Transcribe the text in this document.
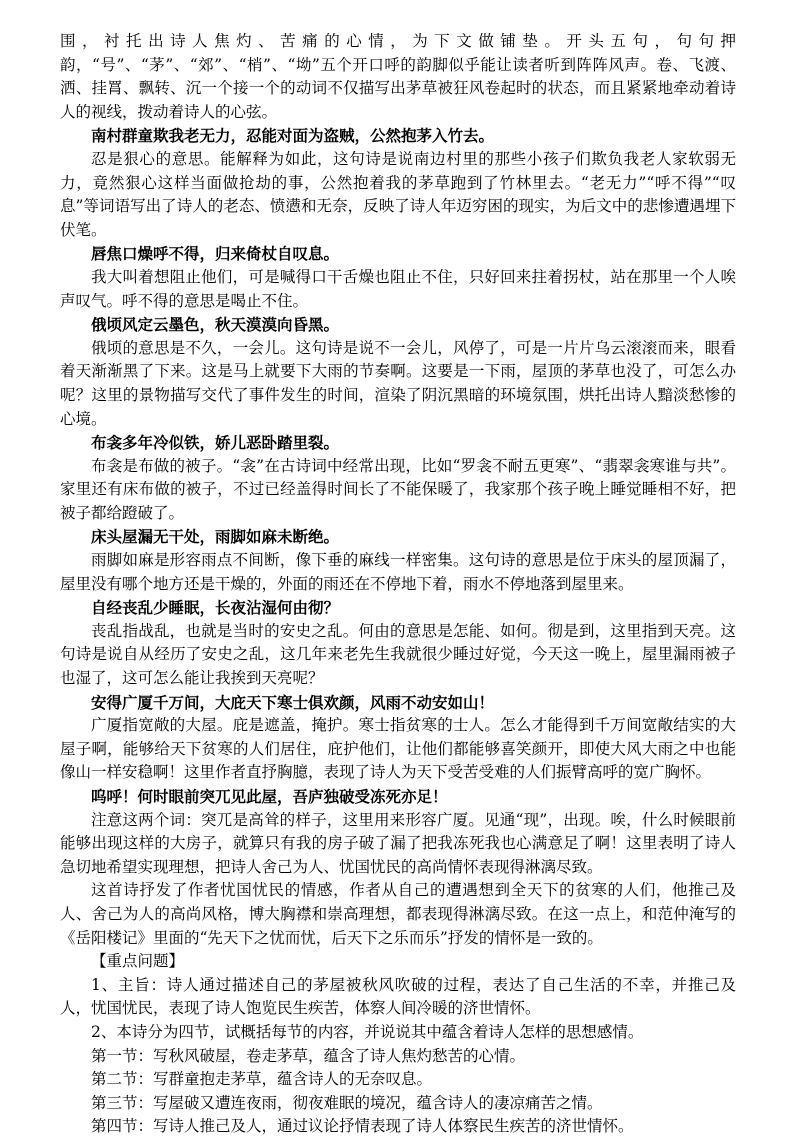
围，衬托出诗人焦灼、苦痛的心情，为下文做铺垫。开头五句，句句押韵，“号”、“茅”、“郊”、“梢”、“坳”五个开口呼的韵脚似乎能让读者听到阵阵风声。卷、飞渡、洒、挂罥、飘转、沉一个接一个的动词不仅描写出茅草被狂风卷起时的状态，而且紧紧地牵动着诗人的视线，拨动着诗人的心弦。

南村群童欺我老无力，忍能对面为盗贼，公然抱茅入竹去。

忍是狠心的意思。能解释为如此，这句诗是说南边村里的那些小孩子们欺负我老人家软弱无力，竟然狠心这样当面做抢劫的事，公然抱着我的茅草跑到了竹林里去。“老无力”“呼不得”“叹息”等词语写出了诗人的老态、愤懑和无奈，反映了诗人年迈穷困的现实，为后文中的悲惨遭遇埋下伏笔。

唇焦口燥呼不得，归来倚杖自叹息。

我大叫着想阻止他们，可是喊得口干舌燥也阻止不住，只好回来拄着拐杖，站在那里一个人唉声叹气。呼不得的意思是喝止不住。

俄顷风定云墨色，秋天漠漠向昏黑。

俄顷的意思是不久，一会儿。这句诗是说不一会儿，风停了，可是一片片乌云滚滚而来，眼看着天渐渐黑了下来。这是马上就要下大雨的节奏啊。这要是一下雨，屋顶的茅草也没了，可怎么办呢？这里的景物描写交代了事件发生的时间，渲染了阴沉黑暗的环境氛围，烘托出诗人黯淡愁惨的心境。

布衾多年冷似铁，娇儿恶卧踏里裂。

布衾是布做的被子。“衾”在古诗词中经常出现，比如“罗衾不耐五更寒”、“翡翠衾寒谁与共”。家里还有床布做的被子，不过已经盖得时间长了不能保暖了，我家那个孩子晚上睡觉睡相不好，把被子都给蹬破了。

床头屋漏无干处，雨脚如麻未断绝。

雨脚如麻是形容雨点不间断，像下垂的麻线一样密集。这句诗的意思是位于床头的屋顶漏了，屋里没有哪个地方还是干燥的，外面的雨还在不停地下着，雨水不停地落到屋里来。

自经丧乱少睡眠，长夜沾湿何由彻？

丧乱指战乱，也就是当时的安史之乱。何由的意思是怎能、如何。彻是到，这里指到天亮。这句诗是说自从经历了安史之乱，这几年来老先生我就很少睡过好觉，今天这一晚上，屋里漏雨被子也湿了，这可怎么能让我挨到天亮呢？

安得广厦千万间，大庇天下寒士俱欢颜，风雨不动安如山！

广厦指宽敞的大屋。庇是遮盖，掩护。寒士指贫寒的士人。怎么才能得到千万间宽敞结实的大屋子啊，能够给天下贫寒的人们居住，庇护他们，让他们都能够喜笑颜开，即使大风大雨之中也能像山一样安稳啊！这里作者直抒胸臆，表现了诗人为天下受苦受难的人们振臂高呼的宽广胸怀。

呜呼！何时眼前突兀见此屋，吾庐独破受冻死亦足！

注意这两个词：突兀是高耸的样子，这里用来形容广厦。见通“现”，出现。唉，什么时候眼前能够出现这样的大房子，就算只有我的房子破了漏了把我冻死我也心满意足了啊！这里表明了诗人急切地希望实现理想，把诗人舍己为人、忧国忧民的高尚情怀表现得淋漓尽致。

这首诗抒发了作者忧国忧民的情感，作者从自己的遭遇想到全天下的贫寒的人们，他推己及人、舍己为人的高尚风格，博大胸襟和崇高理想，都表现得淋漓尽致。在这一点上，和范仲淹写的《岳阳楼记》里面的“先天下之忧而忧，后天下之乐而乐”抒发的情怀是一致的。

【重点问题】

1、主旨：诗人通过描述自己的茅屋被秋风吹破的过程，表达了自己生活的不幸，并推己及人，忧国忧民，表现了诗人饱览民生疾苦，体察人间冷暖的济世情怀。

2、本诗分为四节，试概括每节的内容，并说说其中蕴含着诗人怎样的思想感情。

第一节：写秋风破屋，卷走茅草，蕴含了诗人焦灼愁苦的心情。

第二节：写群童抱走茅草，蕴含诗人的无奈叹息。

第三节：写屋破又遭连夜雨，彻夜难眠的境况，蕴含诗人的凄凉痛苦之情。

第四节：写诗人推己及人，通过议论抒情表现了诗人体察民生疾苦的济世情怀。
